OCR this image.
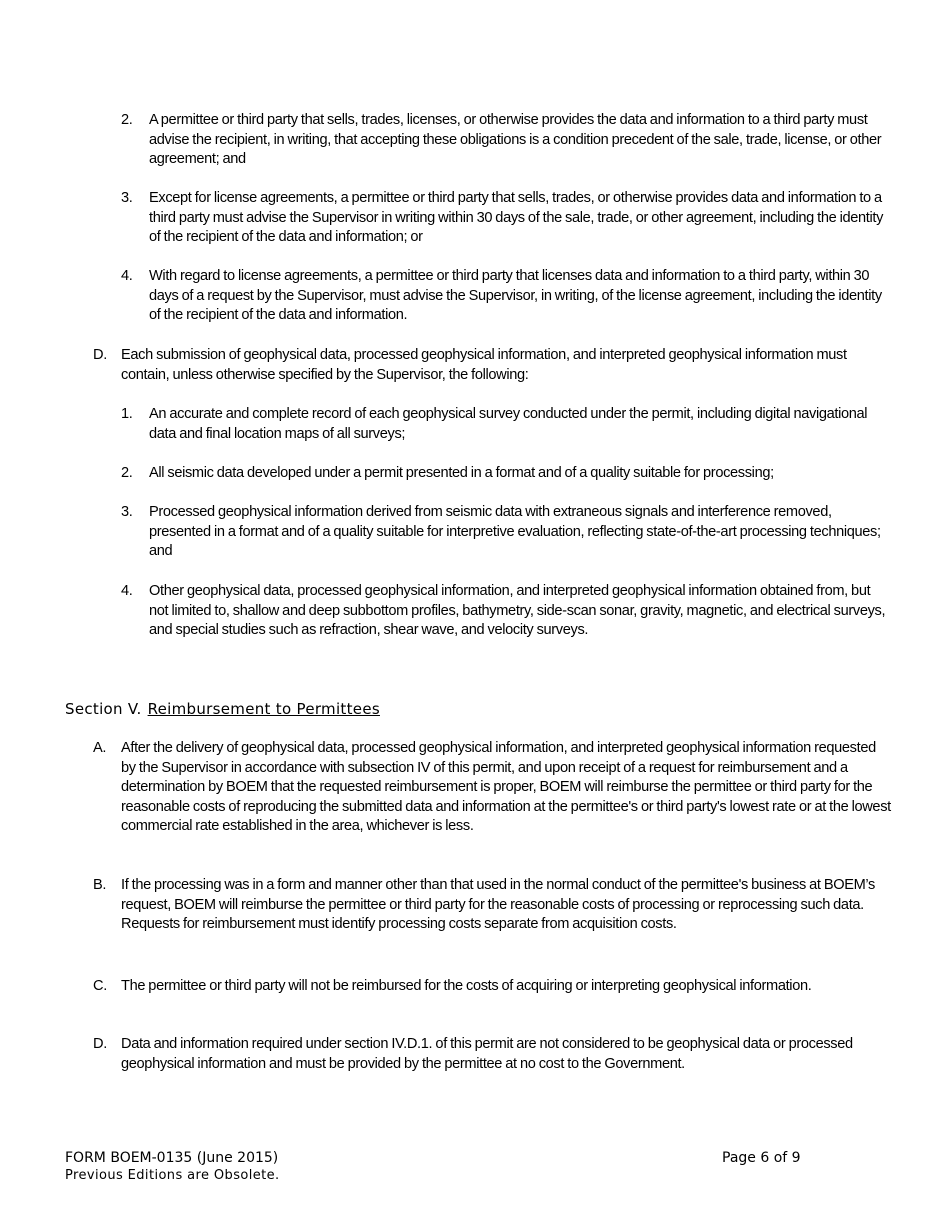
2. A permittee or third party that sells, trades, licenses, or otherwise provides the data and information to a third party must advise the recipient, in writing, that accepting these obligations is a condition precedent of the sale, trade, license, or other agreement; and
3. Except for license agreements, a permittee or third party that sells, trades, or otherwise provides data and information to a third party must advise the Supervisor in writing within 30 days of the sale, trade, or other agreement, including the identity of the recipient of the data and information; or
4. With regard to license agreements, a permittee or third party that licenses data and information to a third party, within 30 days of a request by the Supervisor, must advise the Supervisor, in writing, of the license agreement, including the identity of the recipient of the data and information.
D. Each submission of geophysical data, processed geophysical information, and interpreted geophysical information must contain, unless otherwise specified by the Supervisor, the following:
1. An accurate and complete record of each geophysical survey conducted under the permit, including digital navigational data and final location maps of all surveys;
2. All seismic data developed under a permit presented in a format and of a quality suitable for processing;
3. Processed geophysical information derived from seismic data with extraneous signals and interference removed, presented in a format and of a quality suitable for interpretive evaluation, reflecting state-of-the-art processing techniques; and
4. Other geophysical data, processed geophysical information, and interpreted geophysical information obtained from, but not limited to, shallow and deep subbottom profiles, bathymetry, side-scan sonar, gravity, magnetic, and electrical surveys, and special studies such as refraction, shear wave, and velocity surveys.
Section V. Reimbursement to Permittees
A. After the delivery of geophysical data, processed geophysical information, and interpreted geophysical information requested by the Supervisor in accordance with subsection IV of this permit, and upon receipt of a request for reimbursement and a determination by BOEM that the requested reimbursement is proper, BOEM will reimburse the permittee or third party for the reasonable costs of reproducing the submitted data and information at the permittee's or third party's lowest rate or at the lowest commercial rate established in the area, whichever is less.
B. If the processing was in a form and manner other than that used in the normal conduct of the permittee's business at BOEM’s request, BOEM will reimburse the permittee or third party for the reasonable costs of processing or reprocessing such data. Requests for reimbursement must identify processing costs separate from acquisition costs.
C. The permittee or third party will not be reimbursed for the costs of acquiring or interpreting geophysical information.
D. Data and information required under section IV.D.1. of this permit are not considered to be geophysical data or processed geophysical information and must be provided by the permittee at no cost to the Government.
FORM BOEM-0135 (June 2015)
Previous Editions are Obsolete.
Page 6 of 9
